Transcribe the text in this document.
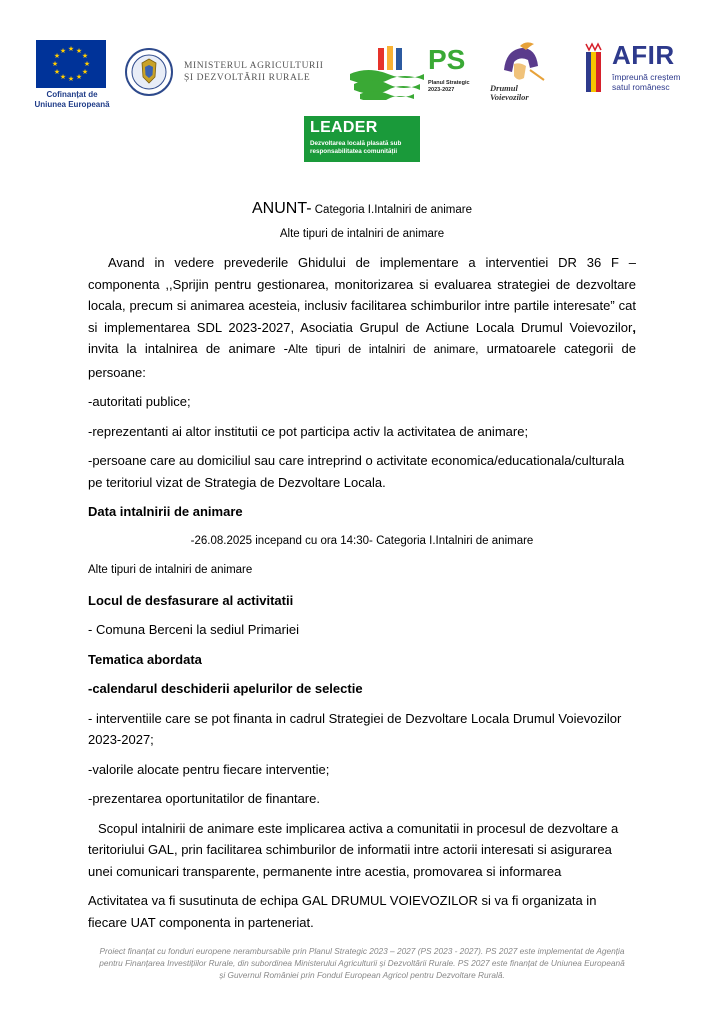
★ ★
★
★
★
★
★
★
★
★
★
★
Cofinanțat de
Uniunea Europeană
MINISTERUL AGRICULTURII
ȘI DEZVOLTĂRII RURALE
PS
Planul Strategic
2023-2027	Drumul
Voievozilor
AFIR
împreună creștem
satul românesc
LEADER
Dezvoltarea locală plasată sub
responsabilitatea comunității

ANUNT- Categoria I.Intalniri de animare

Alte tipuri de intalniri de animare

Avand in vedere prevederile Ghidului de implementare a interventiei DR 36 F – componenta ,,Sprijin pentru gestionarea, monitorizarea si evaluarea strategiei de dezvoltare locala, precum si animarea acesteia, inclusiv facilitarea schimburilor intre partile interesate” cat si implementarea SDL 2023-2027, Asociatia Grupul de Actiune Locala Drumul Voievozilor, invita la intalnirea de animare -Alte tipuri de intalniri de animare, urmatoarele categorii de persoane:

-autoritati publice;

-reprezentanti ai altor institutii ce pot participa activ la activitatea de animare;

-persoane care au domiciliul sau care intreprind o activitate economica/educationala/culturala pe teritoriul vizat de Strategia de Dezvoltare Locala.

Data intalnirii de animare

-26.08.2025 incepand cu ora 14:30- Categoria I.Intalniri de animare

Alte tipuri de intalniri de animare

Locul de desfasurare al activitatii

- Comuna Berceni la sediul Primariei

Tematica abordata

-calendarul deschiderii apelurilor de selectie

- interventiile care se pot finanta in cadrul Strategiei de Dezvoltare Locala Drumul Voievozilor 2023-2027;

-valorile alocate pentru fiecare interventie;

-prezentarea oportunitatilor de finantare.

Scopul intalnirii de animare este implicarea activa a comunitatii in procesul de dezvoltare a teritoriului GAL, prin facilitarea schimburilor de informatii intre actorii interesati si asigurarea unei comunicari transparente, permanente intre acestia, promovarea si informarea

Activitatea va fi susutinuta de echipa GAL DRUMUL VOIEVOZILOR si va fi organizata in fiecare UAT componenta in parteneriat.

Proiect finanțat cu fonduri europene nerambursabile prin Planul Strategic 2023 – 2027 (PS 2023 - 2027). PS 2027 este implementat de Agenția pentru Finanțarea Investițiilor Rurale, din subordinea Ministerului Agriculturii și Dezvoltării Rurale. PS 2027 este finanțat de Uniunea Europeană și Guvernul României prin Fondul European Agricol pentru Dezvoltare Rurală.
